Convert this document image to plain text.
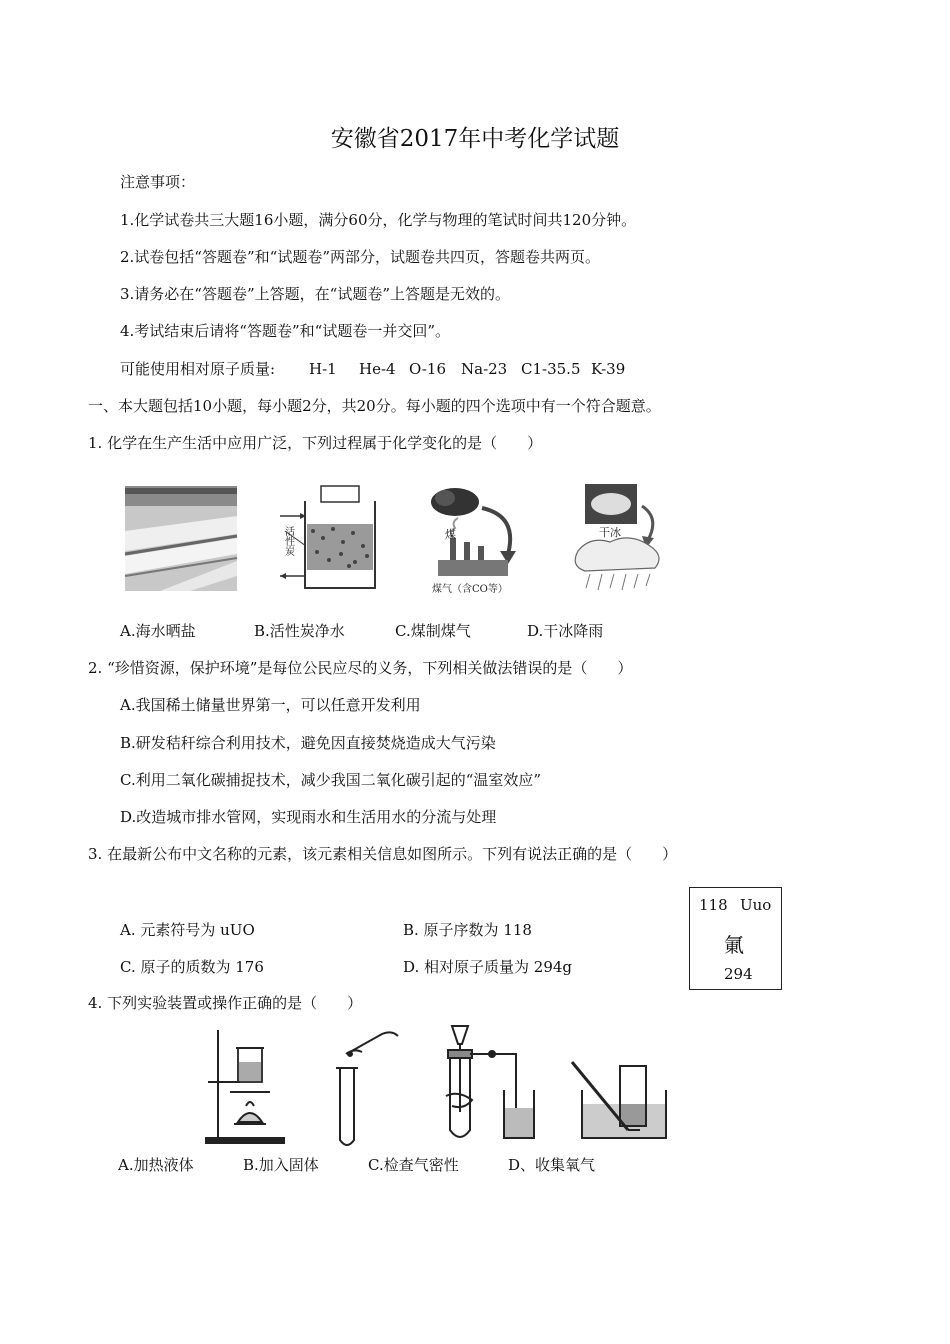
安徽省2017年中考化学试题
注意事项：
1.化学试卷共三大题16小题，满分60分，化学与物理的笔试时间共120分钟。
2.试卷包括“答题卷”和“试题卷”两部分，试题卷共四页，答题卷共两页。
3.请务必在“答题卷”上答题，在“试题卷”上答题是无效的。
4.考试结束后请将“答题卷”和“试题卷一并交回”。
可能使用相对原子质量: H-1 He-4 O-16 Na-23 C1-35.5 K-39
一、本大题包括10小题，每小题2分，共20分。每小题的四个选项中有一个符合题意。
1. 化学在生产生活中应用广泛，下列过程属于化学变化的是（　　）
活性炭	煤
煤气（含CO等）
干冰
A.海水晒盐	B.活性炭净水	C.煤制煤气	D.干冰降雨
2. “珍惜资源，保护环境”是每位公民应尽的义务，下列相关做法错误的是（　　）
A.我国稀土储量世界第一，可以任意开发利用
B.研发秸秆综合利用技术，避免因直接焚烧造成大气污染
C.利用二氧化碳捕捉技术，减少我国二氧化碳引起的“温室效应”
D.改造城市排水管网，实现雨水和生活用水的分流与处理
3. 在最新公布中文名称的元素，该元素相关信息如图所示。下列有说法正确的是（　　）
A. 元素符号为 uUO	B. 原子序数为 118
C. 原子的质数为 176	D. 相对原子质量为 294g
118 Uuo
氭
294
4. 下列实验装置或操作正确的是（　　）
A.加热液体	B.加入固体	C.检查气密性	D、收集氧气
